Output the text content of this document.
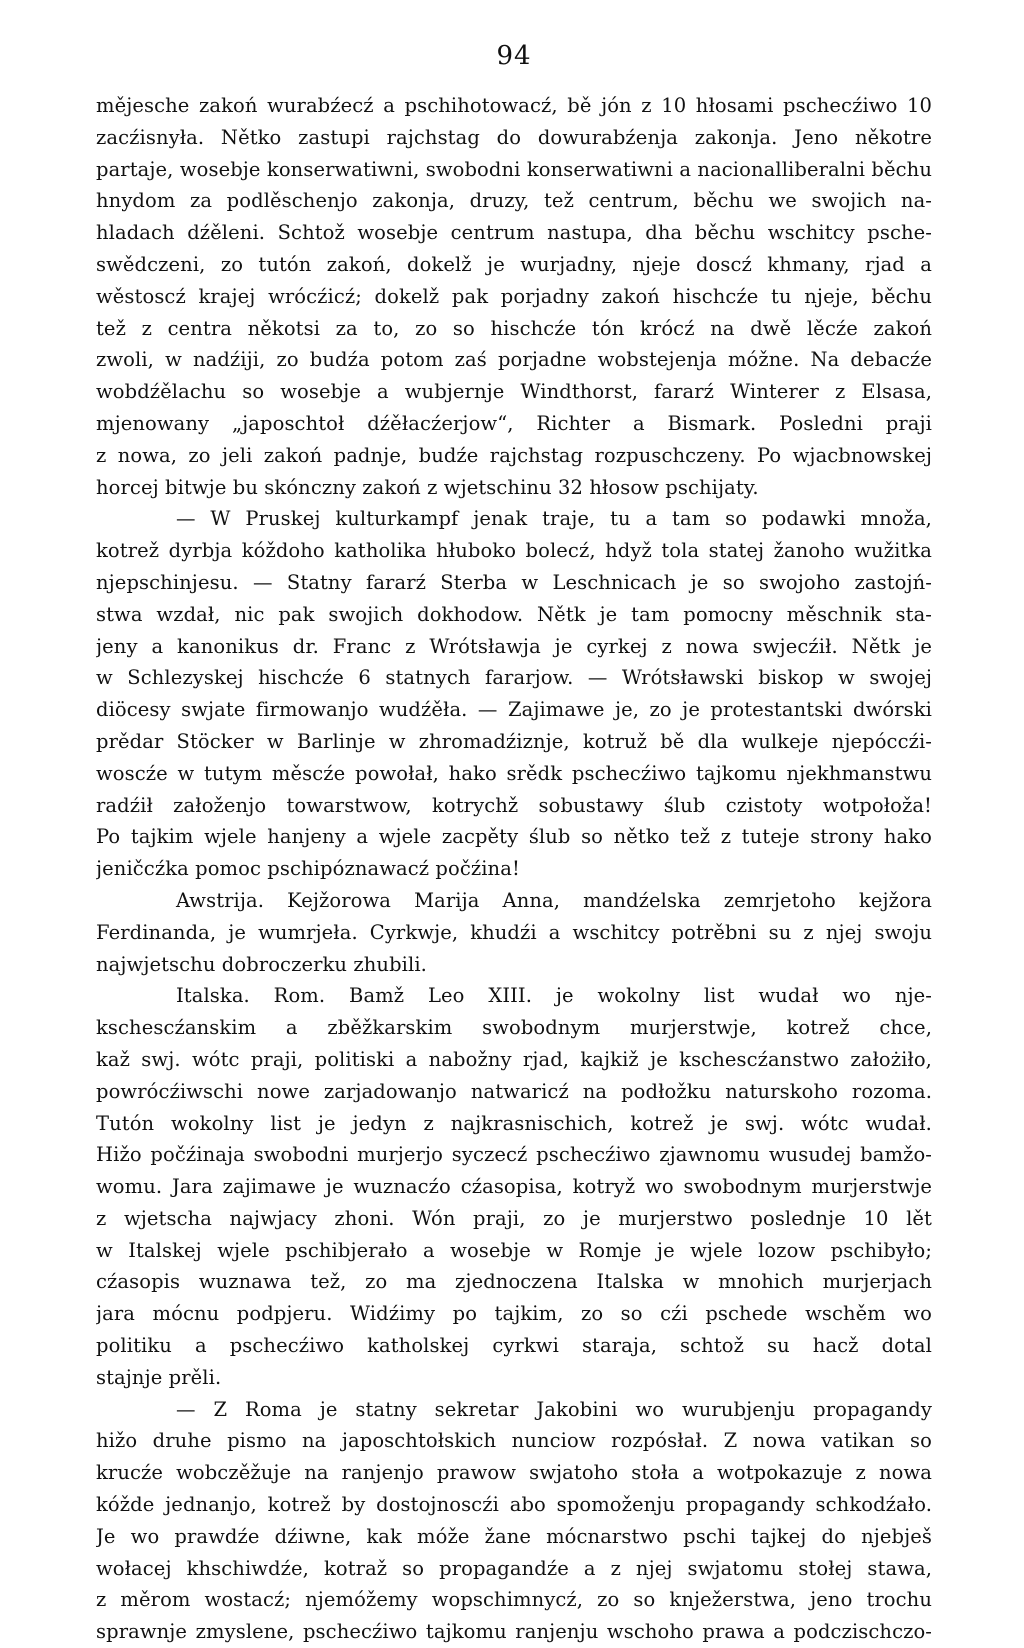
94
mějesche zakoń wurabźecź a pschihotowacź, bě jón z 10 hłosami pschecźiwo 10
zacźisnyła. Nětko zastupi rajchstag do dowurabźenja zakonja. Jeno někotre
partaje, wosebje konserwatiwni, swobodni konserwatiwni a nacionalliberalni běchu
hnydom za podlěschenjo zakonja, druzy, tež centrum, běchu we swojich na-
hladach dźěleni. Schtož wosebje centrum nastupa, dha běchu wschitcy psche-
swědczeni, zo tutón zakoń, dokelž je wurjadny, njeje doscź khmany, rjad a
wěstoscź krajej wrócźicź; dokelž pak porjadny zakoń hischcźe tu njeje, běchu
tež z centra někotsi za to, zo so hischcźe tón krócź na dwě lěcźe zakoń
zwoli, w nadźiji, zo budźa potom zaś porjadne wobstejenja móžne. Na debacźe
wobdźělachu so wosebje a wubjernje Windthorst, fararź Winterer z Elsasa,
mjenowany „japoschtoł dźěłacźerjow“, Richter a Bismark. Posledni praji
z nowa, zo jeli zakoń padnje, budźe rajchstag rozpuschczeny. Po wjacbnowskej
horcej bitwje bu skónczny zakoń z wjetschinu 32 hłosow pschijaty.
— W Pruskej kulturkampf jenak traje, tu a tam so podawki množa,
kotrež dyrbja kóždoho katholika hłuboko bolecź, hdyž tola statej žanoho wužitka
njepschinjesu. — Statny fararź Sterba w Leschnicach je so swojoho zastojń-
stwa wzdał, nic pak swojich dokhodow. Nětk je tam pomocny měschnik sta-
jeny a kanonikus dr. Franc z Wrótsławja je cyrkej z nowa swjecźił. Nětk je
w Schlezyskej hischcźe 6 statnych fararjow. — Wrótsławski biskop w swojej
diöcesy swjate firmowanjo wudźěła. — Zajimawe je, zo je protestantski dwórski
prědar Stöcker w Barlinje w zhromadźiznje, kotruž bě dla wulkeje njepóccźi-
woscźe w tutym měscźe powołał, hako srědk pschecźiwo tajkomu njekhmanstwu
radźił załoženjo towarstwow, kotrychž sobustawy ślub czistoty wotpołoža!
Po tajkim wjele hanjeny a wjele zacpěty ślub so nětko tež z tuteje strony hako
jeničcźka pomoc pschipóznawacź počźina!
Awstrija. Kejžorowa Marija Anna, mandźelska zemrjetoho kejžora
Ferdinanda, je wumrjeła. Cyrkwje, khudźi a wschitcy potrěbni su z njej swoju
najwjetschu dobroczerku zhubili.
Italska. Rom. Bamž Leo XIII. je wokolny list wudał wo nje-
kschescźanskim a zběžkarskim swobodnym murjerstwje, kotrež chce,
kaž swj. wótc praji, politiski a nabožny rjad, kajkiž je kschescźanstwo założiło,
powrócźiwschi nowe zarjadowanjo natwaricź na podłožku naturskoho rozoma.
Tutón wokolny list je jedyn z najkrasnischich, kotrež je swj. wótc wudał.
Hižo počźinaja swobodni murjerjo syczecź pschecźiwo zjawnomu wusudej bamžo-
womu. Jara zajimawe je wuznacźo cźasopisa, kotryž wo swobodnym murjerstwje
z wjetscha najwjacy zhoni. Wón praji, zo je murjerstwo poslednje 10 lět
w Italskej wjele pschibjerało a wosebje w Romje je wjele lozow pschibyło;
cźasopis wuznawa tež, zo ma zjednoczena Italska w mnohich murjerjach
jara mócnu podpjeru. Widźimy po tajkim, zo so cźi pschede wschěm wo
politiku a pschecźiwo katholskej cyrkwi staraja, schtož su hacž dotal
stajnje prěli.
— Z Roma je statny sekretar Jakobini wo wurubjenju propagandy
hižo druhe pismo na japoschtołskich nunciow rozpósłał. Z nowa vatikan so
krucźe wobczěžuje na ranjenjo prawow swjatoho stoła a wotpokazuje z nowa
kóžde jednanjo, kotrež by dostojnoscźi abo spomoženju propagandy schkodźało.
Je wo prawdźe dźiwne, kak móže žane mócnarstwo pschi tajkej do njebješ
wołacej khschiwdźe, kotraž so propagandźe a z njej swjatomu stołej stawa,
z měrom wostacź; njemóžemy wopschimnycź, zo so knježerstwa, jeno trochu
sprawnje zmyslene, pschecźiwo tajkomu ranjenju wschoho prawa a podczischczo-
